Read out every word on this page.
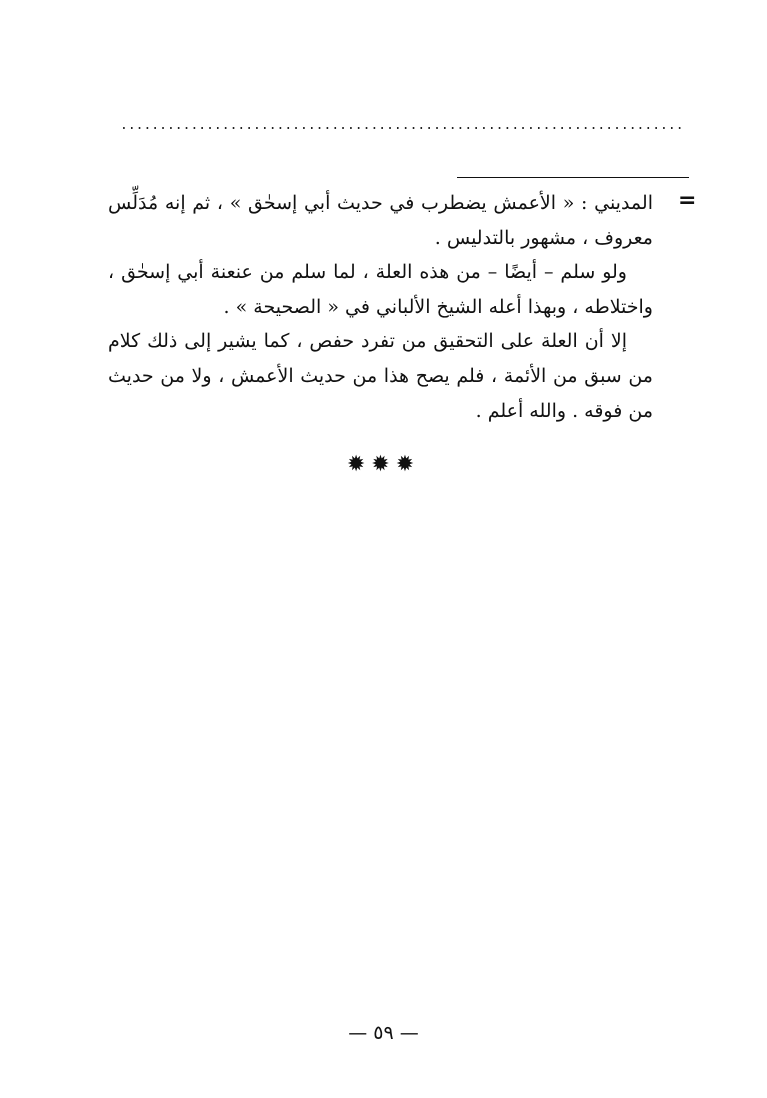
........................................................................
=
المديني : « الأعمش يضطرب في حديث أبي إسحٰق » ، ثم إنه مُدَلِّس
معروف ، مشهور بالتدليس .
ولو سلم – أيضًا – من هذه العلة ، لما سلم من عنعنة أبي إسحٰق ،
واختلاطه ، وبهذا أعله الشيخ الألباني في « الصحيحة » .
إلا أن العلة على التحقيق من تفرد حفص ، كما يشير إلى ذلك كلام
من سبق من الأئمة ، فلم يصح هذا من حديث الأعمش ، ولا من حديث
من فوقه . والله أعلم .
✹✹✹
— ٥٩ —
